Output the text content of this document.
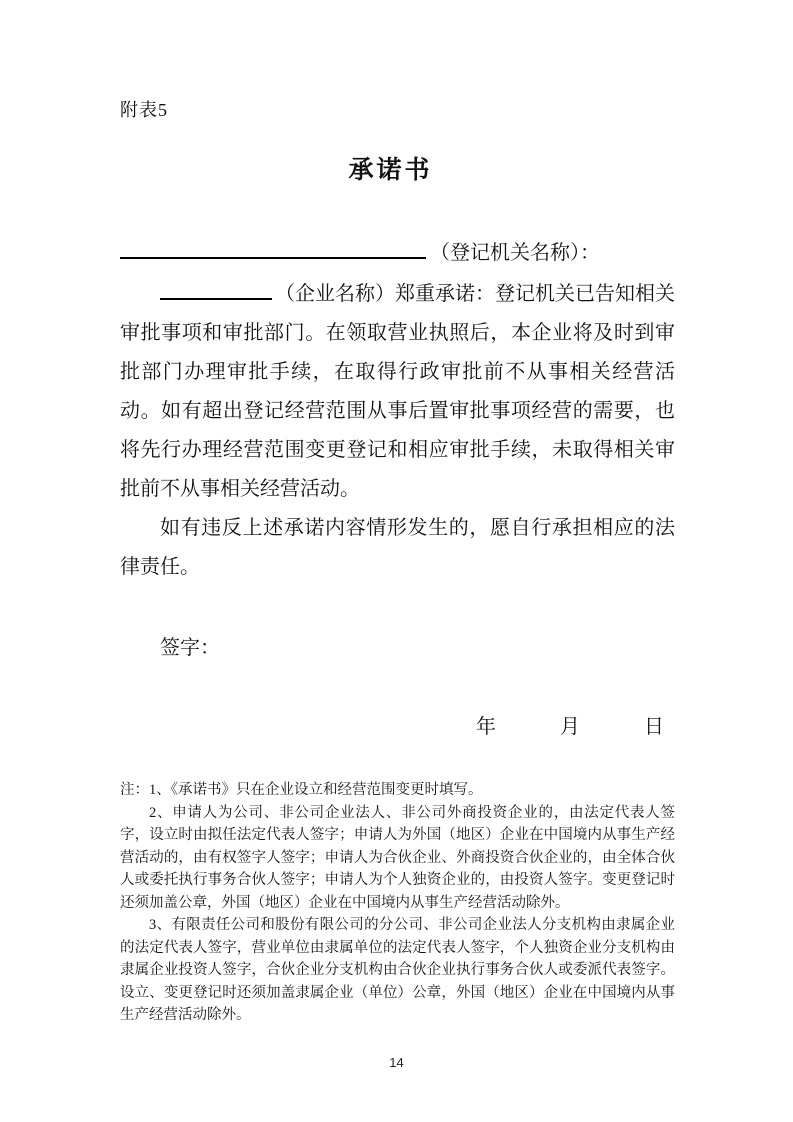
附表5
承诺书
（登记机关名称）：

（企业名称）郑重承诺：登记机关已告知相关审批事项和审批部门。在领取营业执照后，本企业将及时到审批部门办理审批手续，在取得行政审批前不从事相关经营活动。如有超出登记经营范围从事后置审批事项经营的需要，也将先行办理经营范围变更登记和相应审批手续，未取得相关审批前不从事相关经营活动。

如有违反上述承诺内容情形发生的，愿自行承担相应的法律责任。

签字：
年	月	日

注：1、《承诺书》只在企业设立和经营范围变更时填写。

2、申请人为公司、非公司企业法人、非公司外商投资企业的，由法定代表人签字，设立时由拟任法定代表人签字；申请人为外国（地区）企业在中国境内从事生产经营活动的，由有权签字人签字；申请人为合伙企业、外商投资合伙企业的，由全体合伙人或委托执行事务合伙人签字；申请人为个人独资企业的，由投资人签字。变更登记时还须加盖公章，外国（地区）企业在中国境内从事生产经营活动除外。

3、有限责任公司和股份有限公司的分公司、非公司企业法人分支机构由隶属企业的法定代表人签字，营业单位由隶属单位的法定代表人签字，个人独资企业分支机构由隶属企业投资人签字，合伙企业分支机构由合伙企业执行事务合伙人或委派代表签字。设立、变更登记时还须加盖隶属企业（单位）公章，外国（地区）企业在中国境内从事生产经营活动除外。

14
